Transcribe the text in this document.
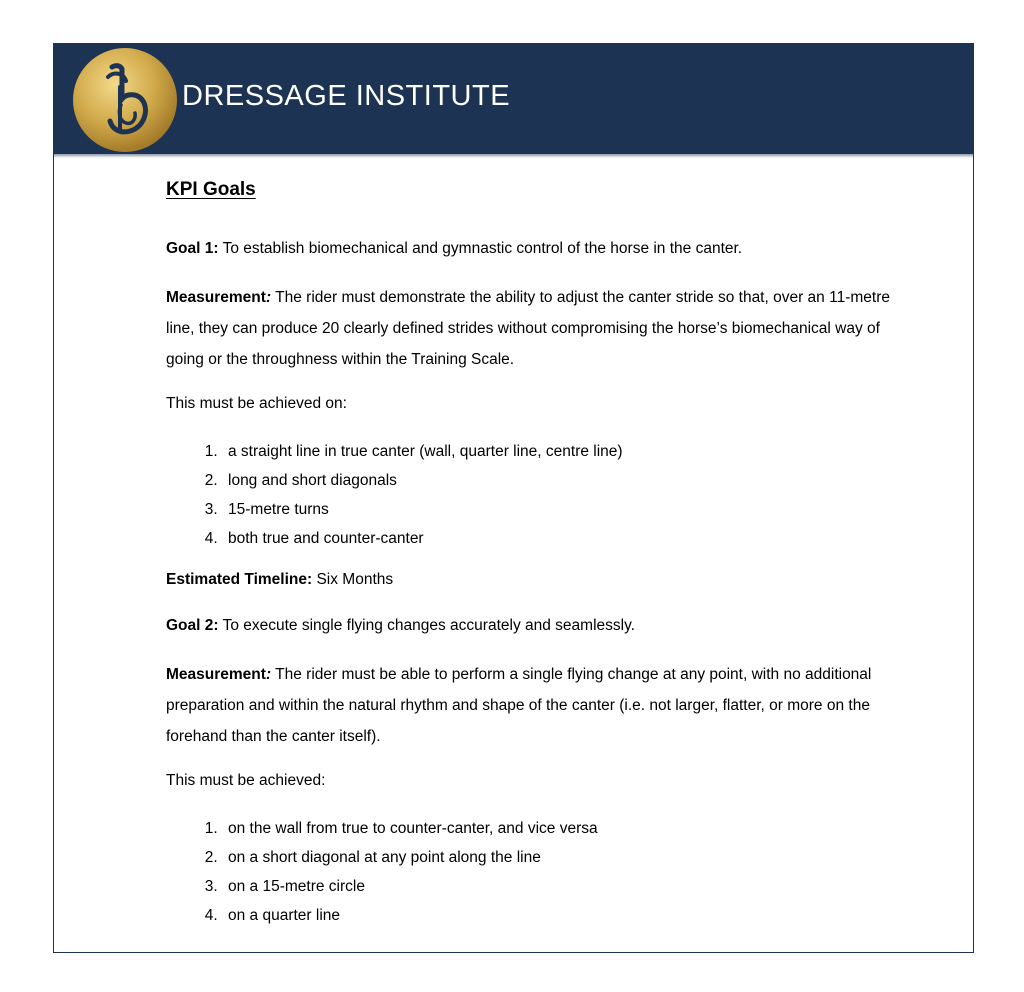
DRESSAGE INSTITUTE
KPI Goals

Goal 1: To establish biomechanical and gymnastic control of the horse in the canter.

Measurement: The rider must demonstrate the ability to adjust the canter stride so that, over an 11-metre line, they can produce 20 clearly defined strides without compromising the horse’s biomechanical way of going or the throughness within the Training Scale.

This must be achieved on:

1. a straight line in true canter (wall, quarter line, centre line)
2. long and short diagonals
3. 15-metre turns
4. both true and counter-canter

Estimated Timeline: Six Months

Goal 2: To execute single flying changes accurately and seamlessly.

Measurement: The rider must be able to perform a single flying change at any point, with no additional preparation and within the natural rhythm and shape of the canter (i.e. not larger, flatter, or more on the forehand than the canter itself).

This must be achieved:

1. on the wall from true to counter-canter, and vice versa
2. on a short diagonal at any point along the line
3. on a 15-metre circle
4. on a quarter line
